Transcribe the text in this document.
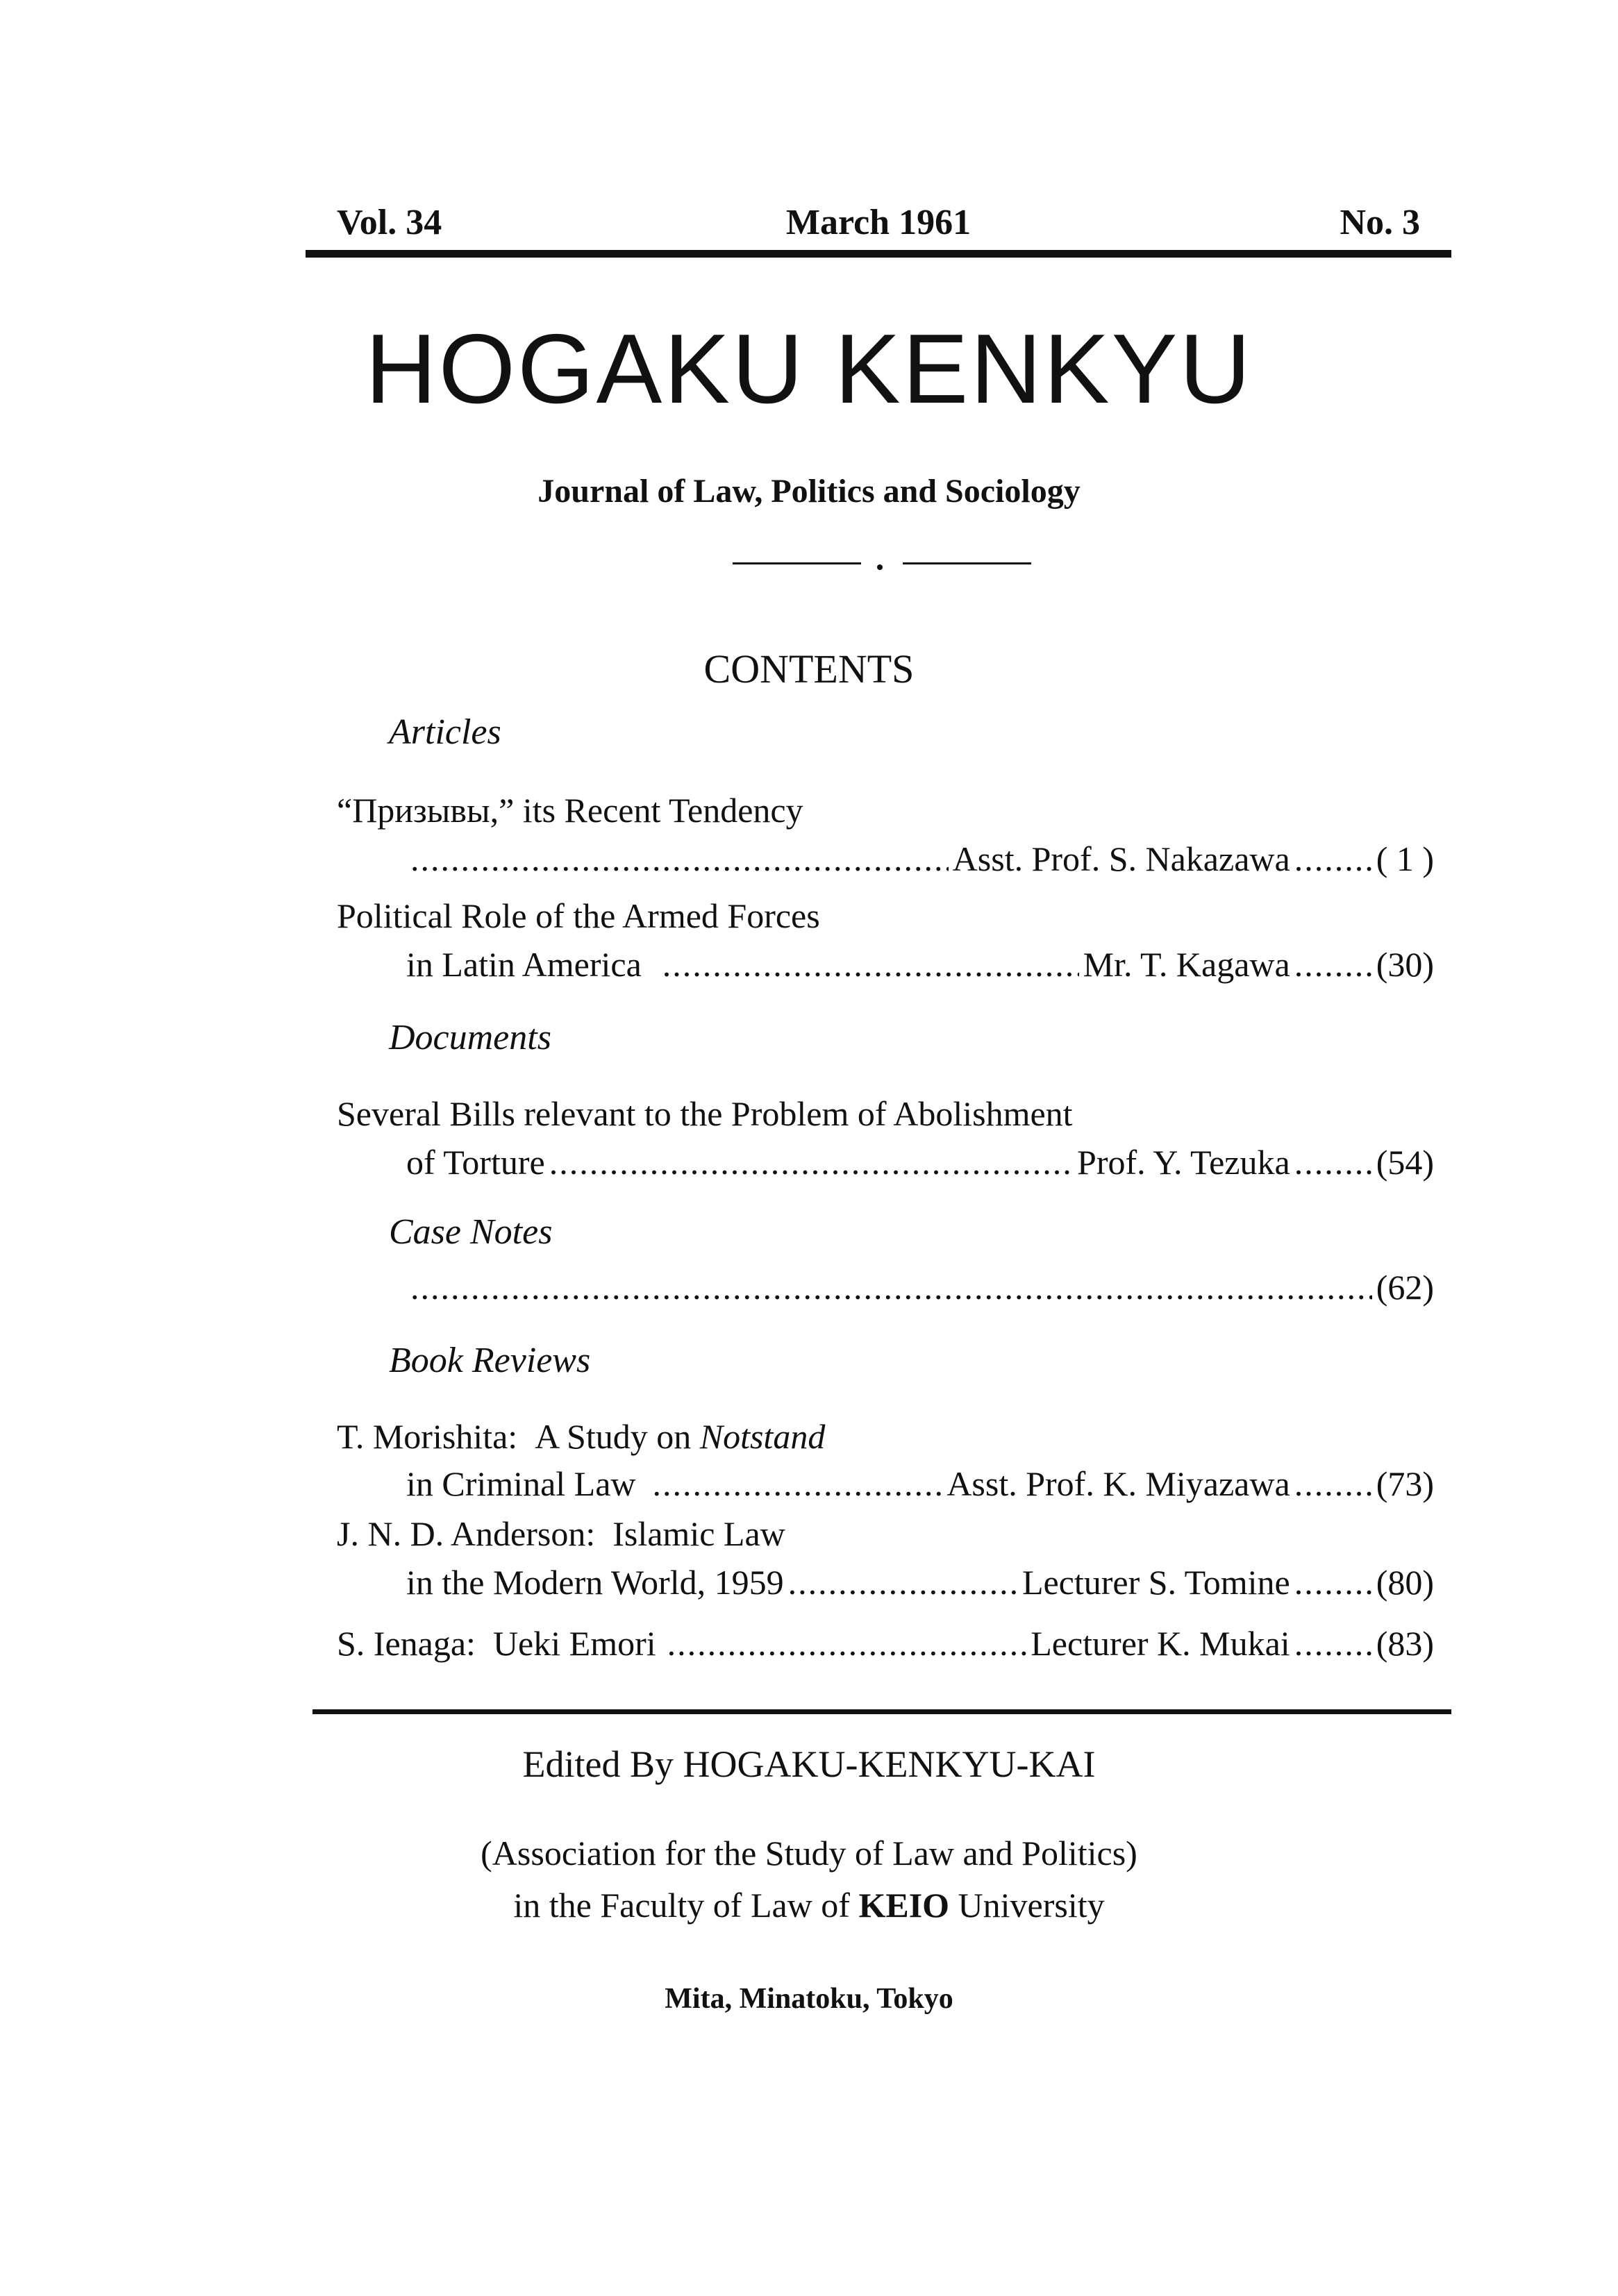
Vol. 34	March 1961	No. 3
HOGAKU KENKYU
Journal of Law, Politics and Sociology
CONTENTS
Articles
“Призывы,” its Recent Tendency
.....
Asst. Prof. S. Nakazawa ..... ( 1 )
Political Role of the Armed Forces
in Latin America .....	Mr. T. Kagawa ..... (30)
Documents
Several Bills relevant to the Problem of Abolishment
of Torture .....	Prof. Y. Tezuka ..... (54)
Case Notes
.....
(62)
Book Reviews
T. Morishita:  A Study on Notstand
in Criminal Law .....	Asst. Prof. K. Miyazawa ..... (73)
J. N. D. Anderson:  Islamic Law
in the Modern World, 1959 .....	Lecturer S. Tomine ..... (80)
S. Ienaga : Ueki Emori .....	Lecturer K. Mukai ..... (83)
Edited By HOGAKU-KENKYU-KAI
(Association for the Study of Law and Politics)
in the Faculty of Law of KEIO University
Mita, Minatoku, Tokyo
